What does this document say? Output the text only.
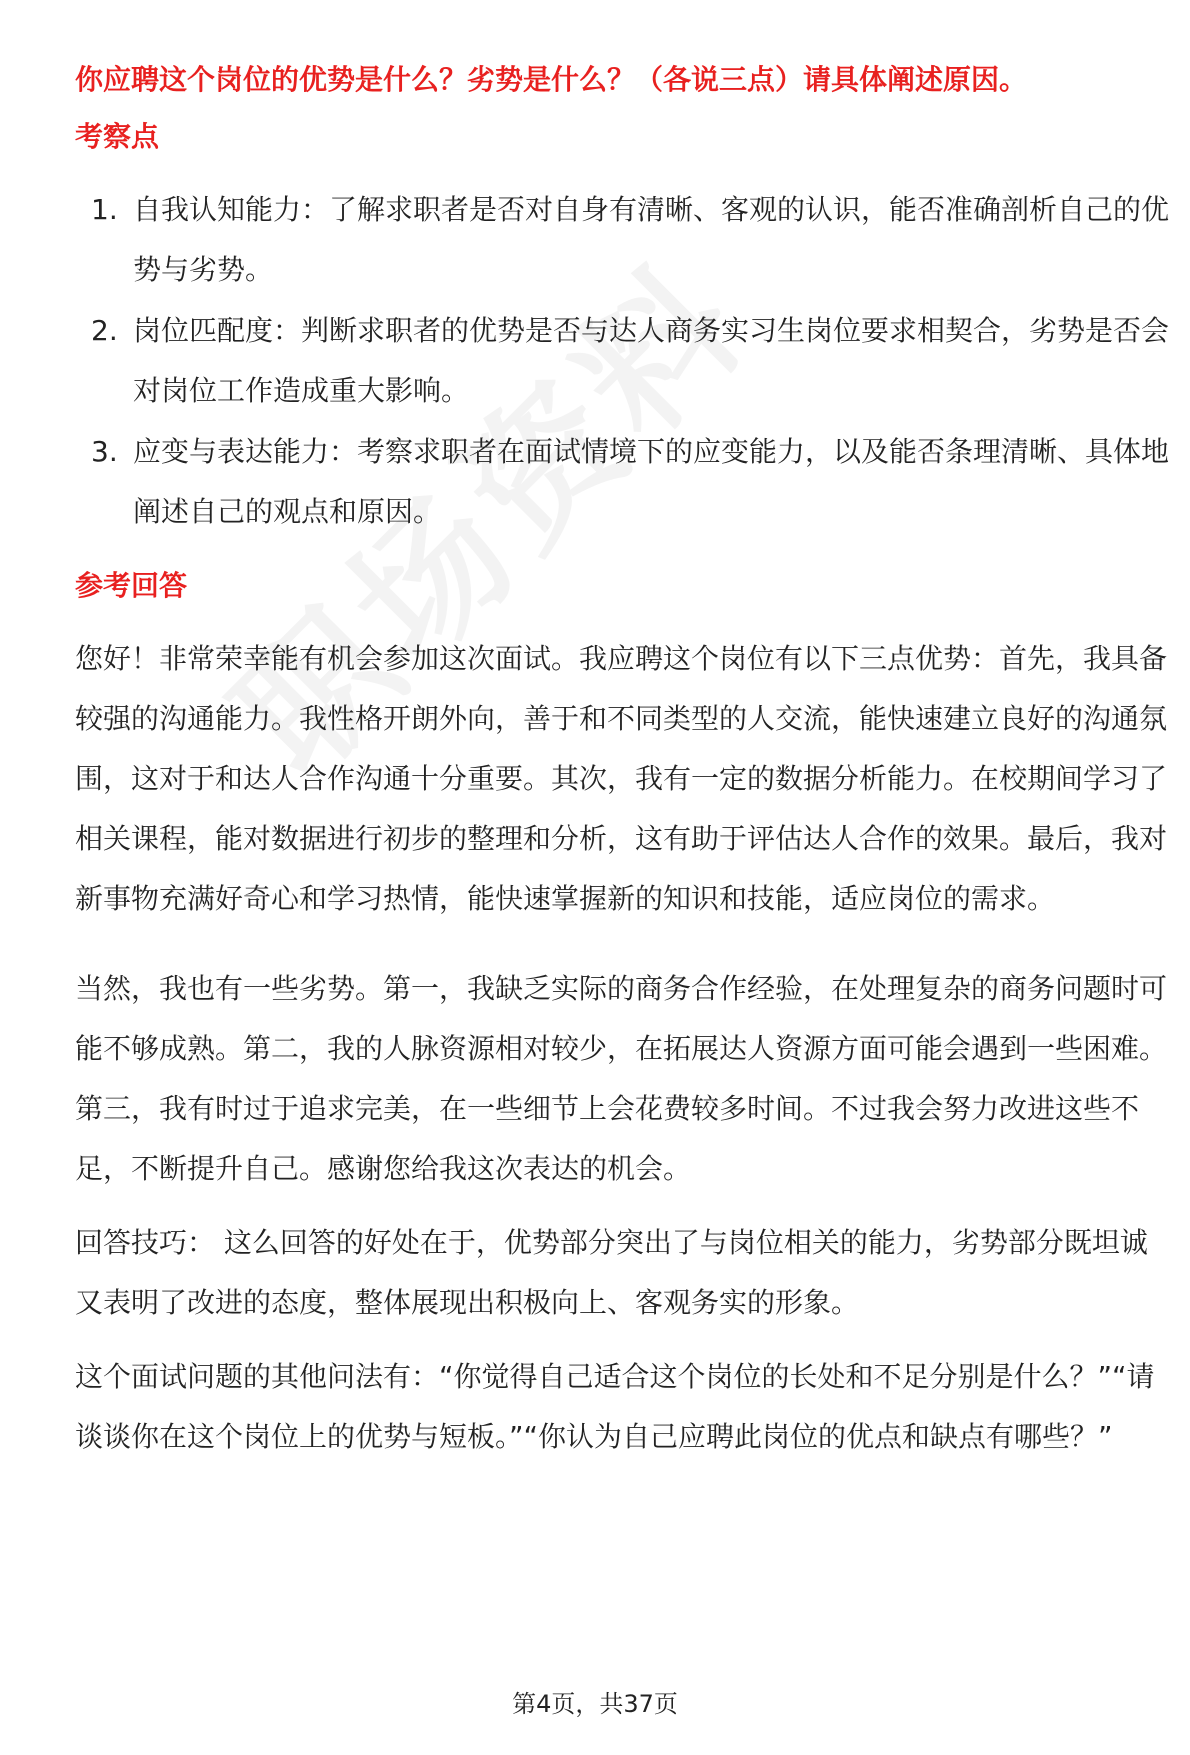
你应聘这个岗位的优势是什么？劣势是什么？（各说三点）请具体阐述原因。

考察点

1. 自我认知能力：了解求职者是否对自身有清晰、客观的认识，能否准确剖析自己的优势与劣势。
2. 岗位匹配度：判断求职者的优势是否与达人商务实习生岗位要求相契合，劣势是否会对岗位工作造成重大影响。
3. 应变与表达能力：考察求职者在面试情境下的应变能力，以及能否条理清晰、具体地阐述自己的观点和原因。

参考回答

您好！非常荣幸能有机会参加这次面试。我应聘这个岗位有以下三点优势：首先，我具备较强的沟通能力。我性格开朗外向，善于和不同类型的人交流，能快速建立良好的沟通氛围，这对于和达人合作沟通十分重要。其次，我有一定的数据分析能力。在校期间学习了相关课程，能对数据进行初步的整理和分析，这有助于评估达人合作的效果。最后，我对新事物充满好奇心和学习热情，能快速掌握新的知识和技能，适应岗位的需求。

当然，我也有一些劣势。第一，我缺乏实际的商务合作经验，在处理复杂的商务问题时可能不够成熟。第二，我的人脉资源相对较少，在拓展达人资源方面可能会遇到一些困难。第三，我有时过于追求完美，在一些细节上会花费较多时间。不过我会努力改进这些不足，不断提升自己。感谢您给我这次表达的机会。

回答技巧： 这么回答的好处在于，优势部分突出了与岗位相关的能力，劣势部分既坦诚又表明了改进的态度，整体展现出积极向上、客观务实的形象。

这个面试问题的其他问法有：“你觉得自己适合这个岗位的长处和不足分别是什么？”“请谈谈你在这个岗位上的优势与短板。”“你认为自己应聘此岗位的优点和缺点有哪些？”

第4页，共37页
